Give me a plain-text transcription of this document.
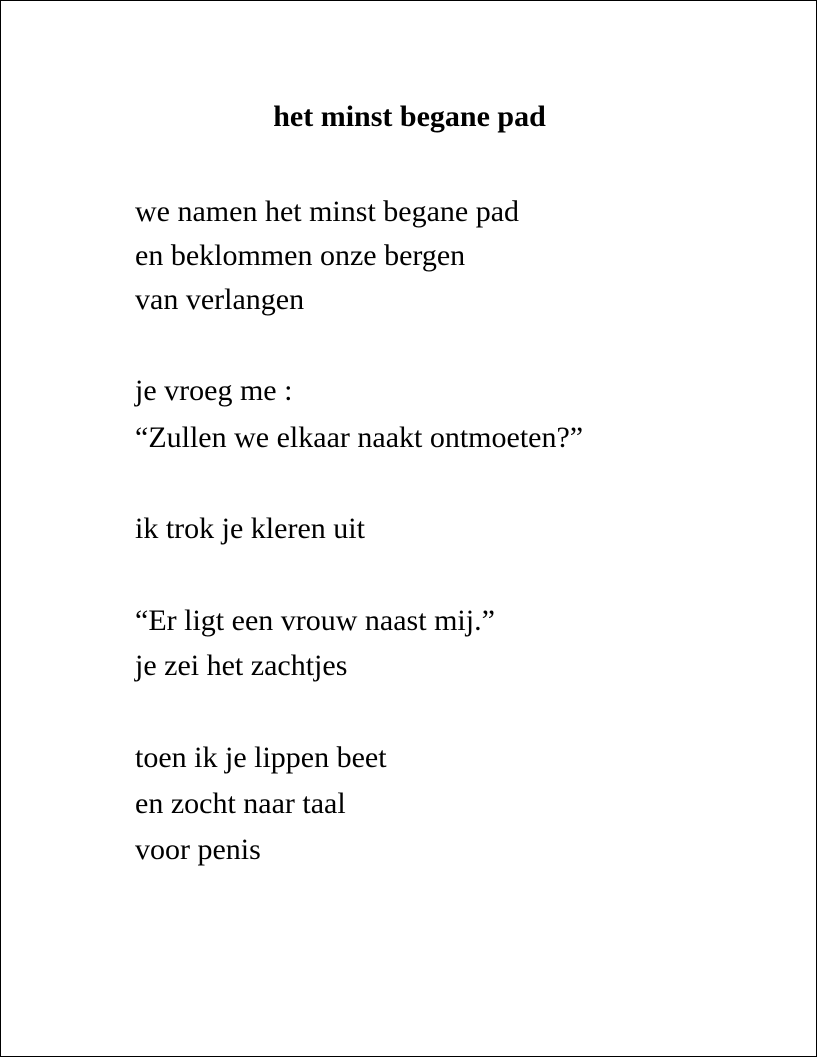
het minst begane pad

we namen het minst begane pad

en beklommen onze bergen

van verlangen

je vroeg me :

“Zullen we elkaar naakt ontmoeten?”

ik trok je kleren uit

“Er ligt een vrouw naast mij.”

je zei het zachtjes

toen ik je lippen beet

en zocht naar taal

voor penis
